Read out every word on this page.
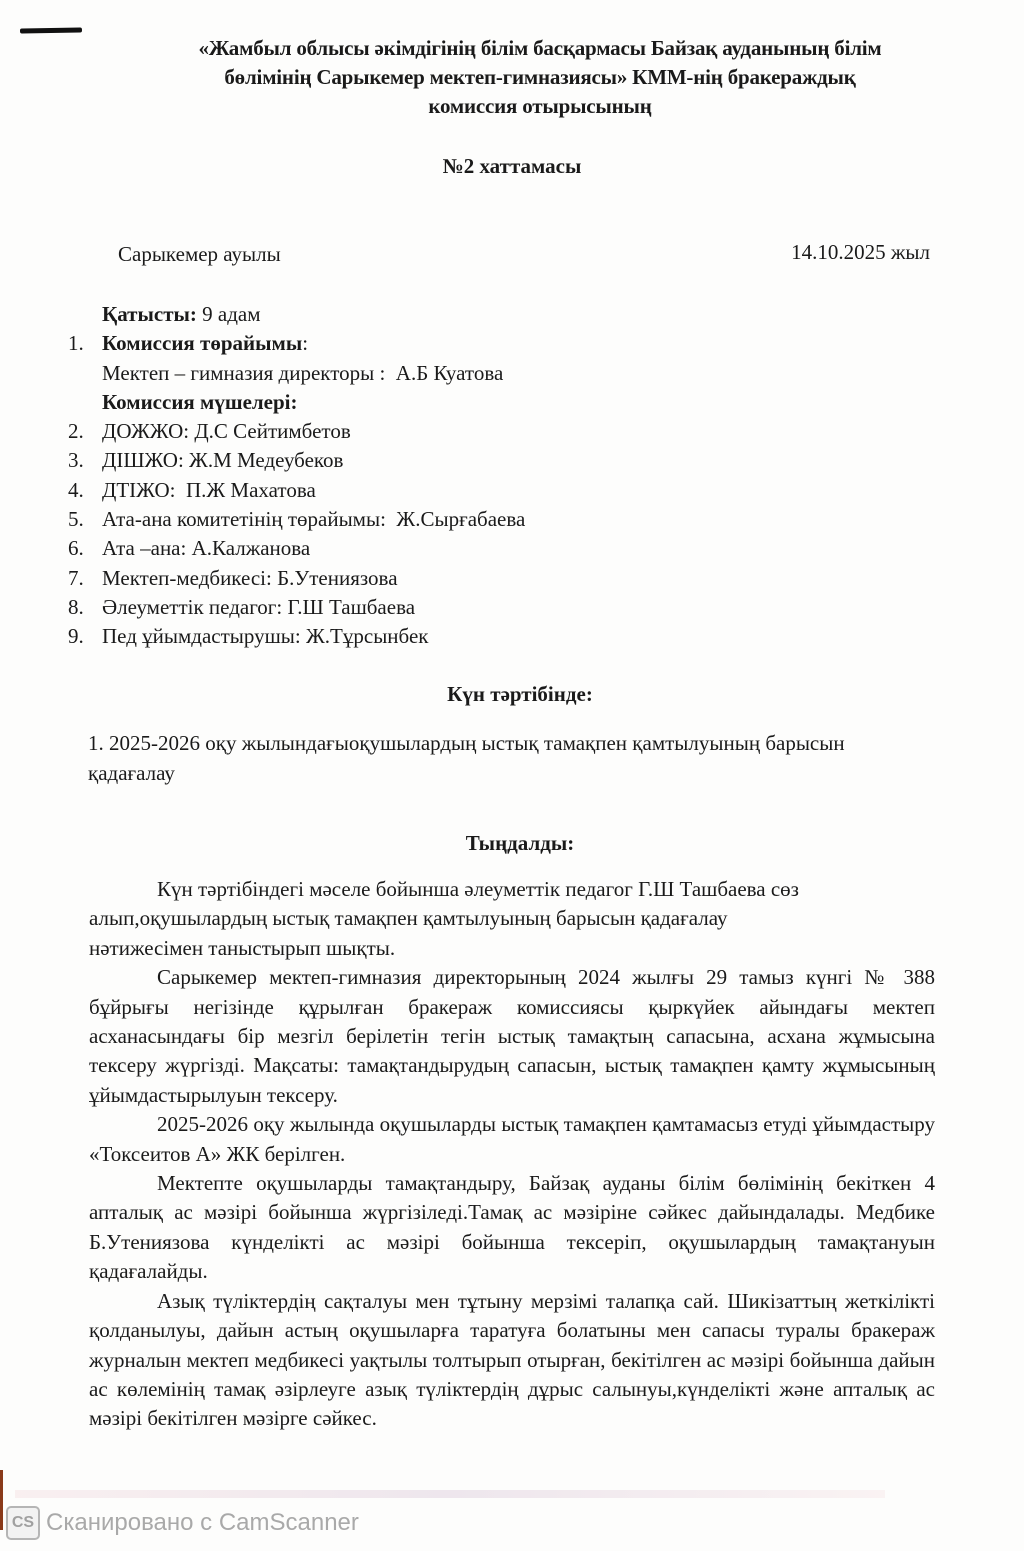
«Жамбыл облысы әкімдігінің білім басқармасы Байзақ ауданының білім
бөлімінің Сарыкемер мектеп-гимназиясы» КММ-нің бракераждық
комиссия отырысының
№2 хаттамасы
Сарыкемер ауылы	14.10.2025 жыл
Қатысты:
9 адам
1. Комиссия төрайымы :
Мектеп – гимназия директоры :  А.Б Куатова
Комиссия мүшелері:
2. ДОЖЖО: Д.С Сейтимбетов
3. ДІШЖО: Ж.М Медеубеков
4. ДТІЖО:  П.Ж Махатова
5. Ата-ана комитетінің төрайымы:  Ж.Сырғабаева
6. Ата –ана: А.Калжанова
7. Мектеп-медбикесі: Б.Утениязова
8. Әлеуметтік педагог: Г.Ш Ташбаева
9. Пед ұйымдастырушы: Ж.Тұрсынбек
Күн тәртібінде:
1. 2025-2026 оқу жылындағыоқушылардың ыстық тамақпен қамтылуының барысын қадағалау
Тыңдалды:

Күн тәртібіндегі мәселе бойынша әлеуметтік педагог Г.Ш Ташбаева сөз алып,оқушылардың ыстық тамақпен қамтылуының барысын қадағалау нәтижесімен таныстырып шықты.

Сарыкемер мектеп-гимназия директорының 2024 жылғы 29 тамыз күнгі № 388 бұйрығы негізінде құрылған бракераж комиссиясы қыркүйек айындағы мектеп асханасындағы бір мезгіл берілетін тегін ыстық тамақтың сапасына, асхана жұмысына тексеру жүргізді. Мақсаты: тамақтандырудың сапасын, ыстық тамақпен қамту жұмысының ұйымдастырылуын тексеру.

2025-2026 оқу жылында оқушыларды ыстық тамақпен қамтамасыз етуді ұйымдастыру «Токсеитов А» ЖК берілген.

Мектепте оқушыларды тамақтандыру, Байзақ ауданы білім бөлімінің бекіткен 4 апталық ас мәзірі бойынша жүргізіледі.Тамақ ас мәзіріне сәйкес дайындалады. Медбике Б.Утениязова күнделікті ас мәзірі бойынша тексеріп, оқушылардың тамақтануын қадағалайды.

Азық түліктердің сақталуы мен тұтыну мерзімі талапқа сай. Шикізаттың жеткілікті қолданылуы, дайын астың оқушыларға таратуға болатыны мен сапасы туралы бракераж журналын мектеп медбикесі уақтылы толтырып отырған, бекітілген ас мәзірі бойынша дайын ас көлемінің тамақ әзірлеуге азық түліктердің дұрыс салынуы,күнделікті және апталық ас мәзірі бекітілген мәзірге сәйкес.

CS Сканировано с CamScanner
